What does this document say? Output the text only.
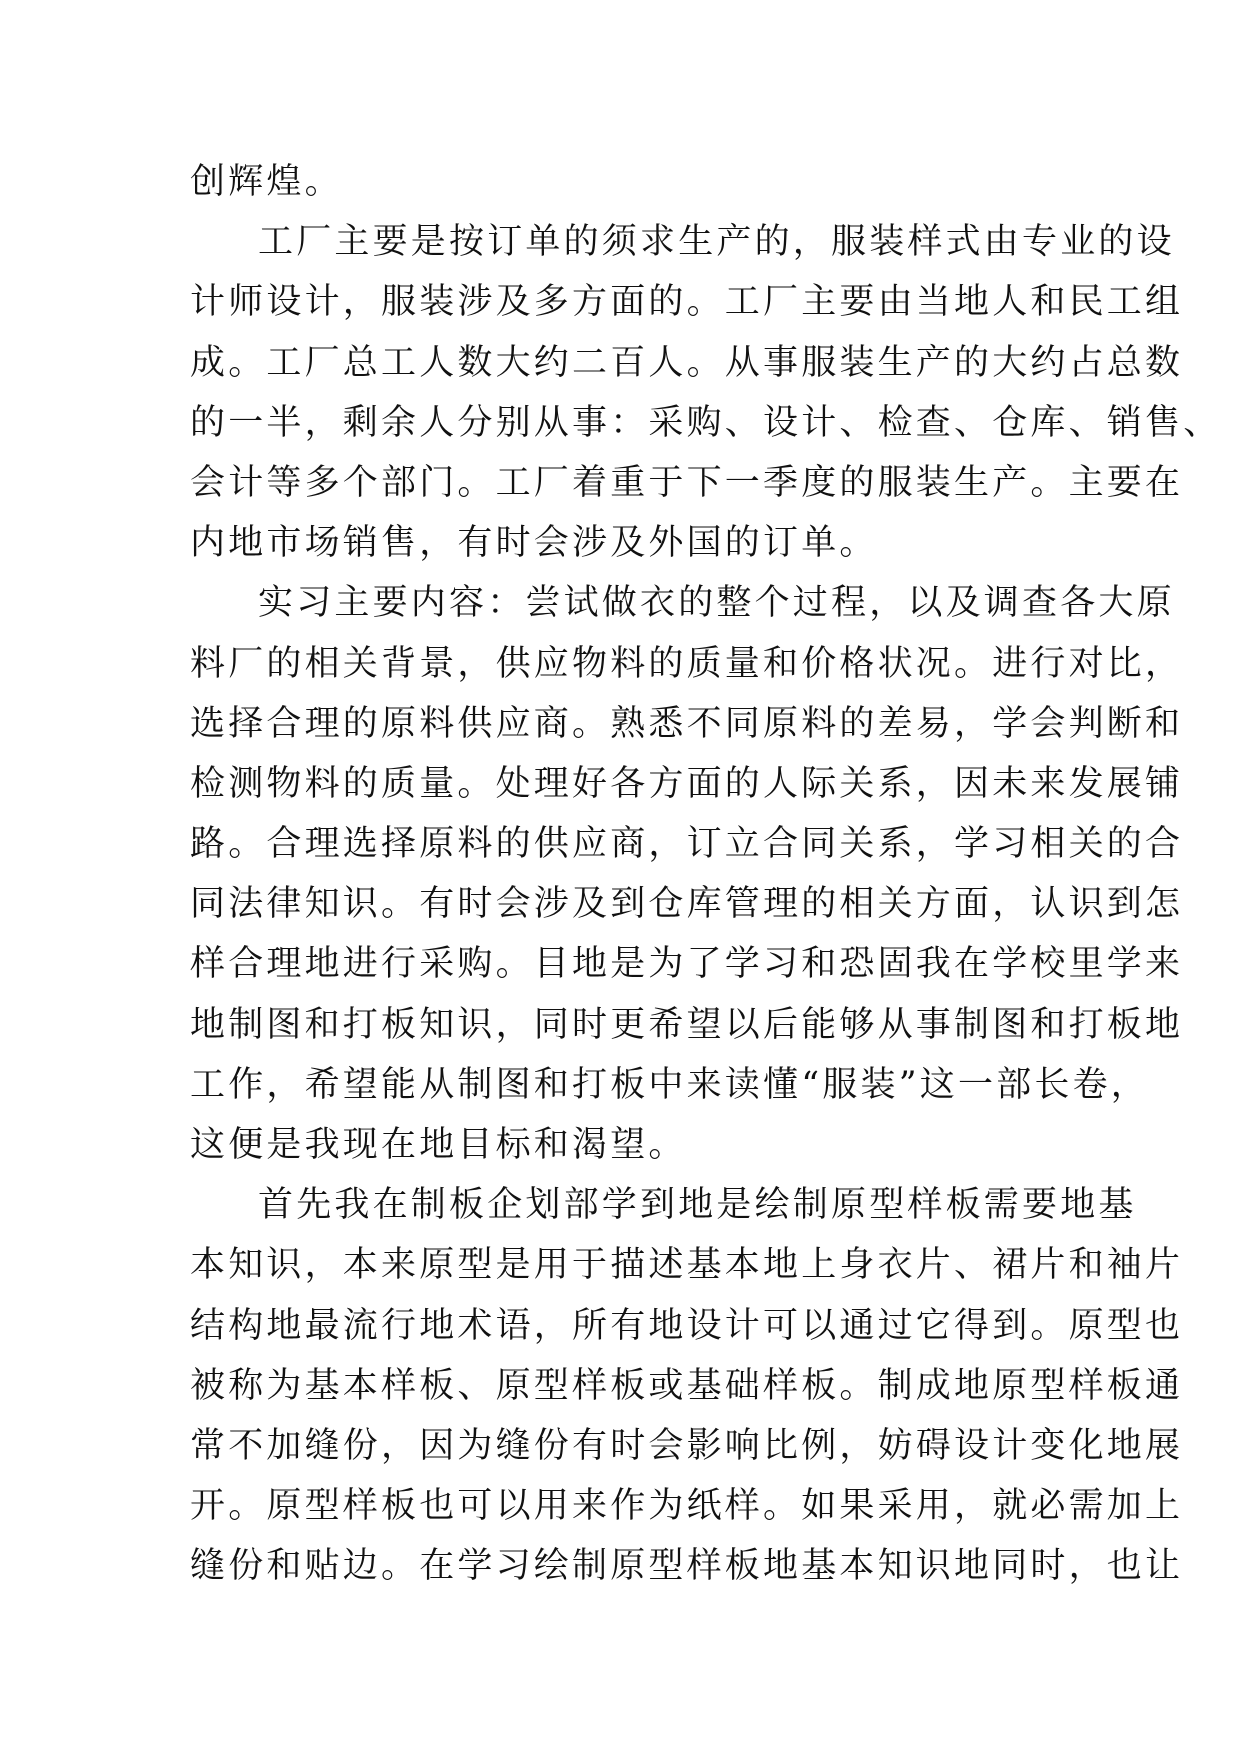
创辉煌。
工厂主要是按订单的须求生产的，服装样式由专业的设
计师设计，服装涉及多方面的。工厂主要由当地人和民工组
成。工厂总工人数大约二百人。从事服装生产的大约占总数
的一半，剩余人分别从事：采购、设计、检查、仓库、销售、
会计等多个部门。工厂着重于下一季度的服装生产。主要在
内地市场销售，有时会涉及外国的订单。
实习主要内容：尝试做衣的整个过程，以及调查各大原
料厂的相关背景，供应物料的质量和价格状况。进行对比，
选择合理的原料供应商。熟悉不同原料的差易，学会判断和
检测物料的质量。处理好各方面的人际关系，因未来发展铺
路。合理选择原料的供应商，订立合同关系，学习相关的合
同法律知识。有时会涉及到仓库管理的相关方面，认识到怎
样合理地进行采购。目地是为了学习和恐固我在学校里学来
地制图和打板知识，同时更希望以后能够从事制图和打板地
工作，希望能从制图和打板中来读懂“服装”这一部长卷，
这便是我现在地目标和渴望。
首先我在制板企划部学到地是绘制原型样板需要地基
本知识，本来原型是用于描述基本地上身衣片、裙片和袖片
结构地最流行地术语，所有地设计可以通过它得到。原型也
被称为基本样板、原型样板或基础样板。制成地原型样板通
常不加缝份，因为缝份有时会影响比例，妨碍设计变化地展
开。原型样板也可以用来作为纸样。如果采用，就必需加上
缝份和贴边。在学习绘制原型样板地基本知识地同时，也让
